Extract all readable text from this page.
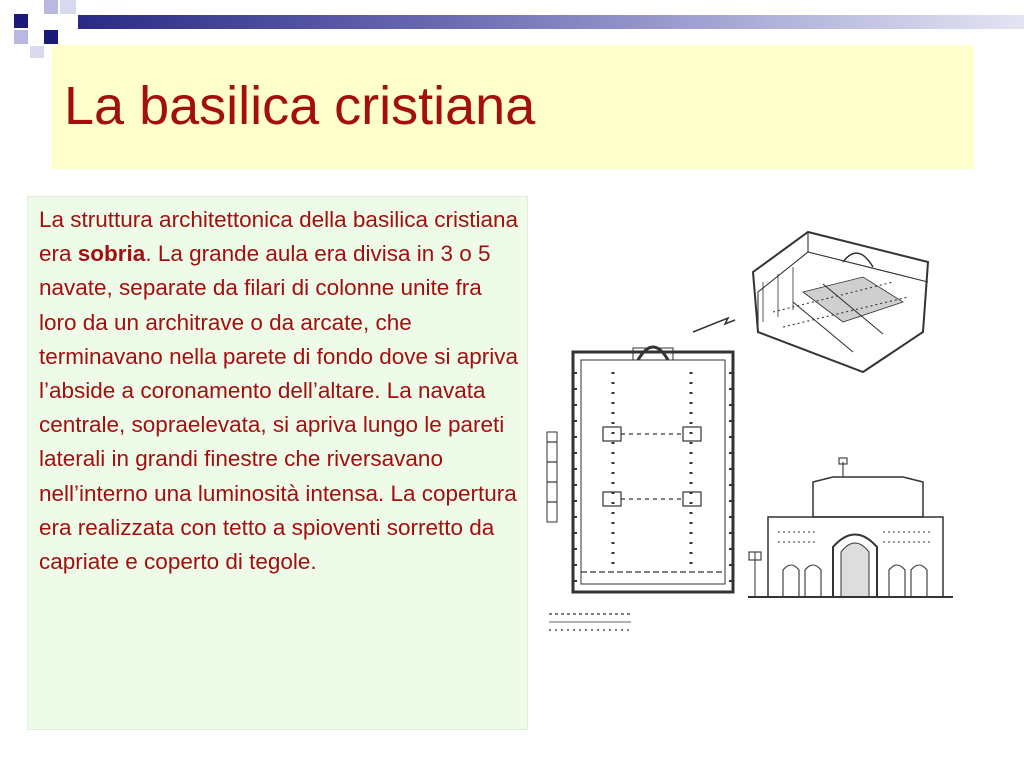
La basilica cristiana

La struttura architettonica della basilica cristiana era sobria. La grande aula era divisa in 3 o 5 navate, separate da filari di colonne unite fra loro da un architrave o da arcate, che terminavano nella parete di fondo dove si apriva l’abside a coronamento dell’altare. La navata centrale, sopraelevata, si apriva lungo le pareti laterali in grandi finestre che riversavano nell’interno una luminosità intensa. La copertura era realizzata con tetto a spioventi sorretto da capriate e coperto di tegole.
